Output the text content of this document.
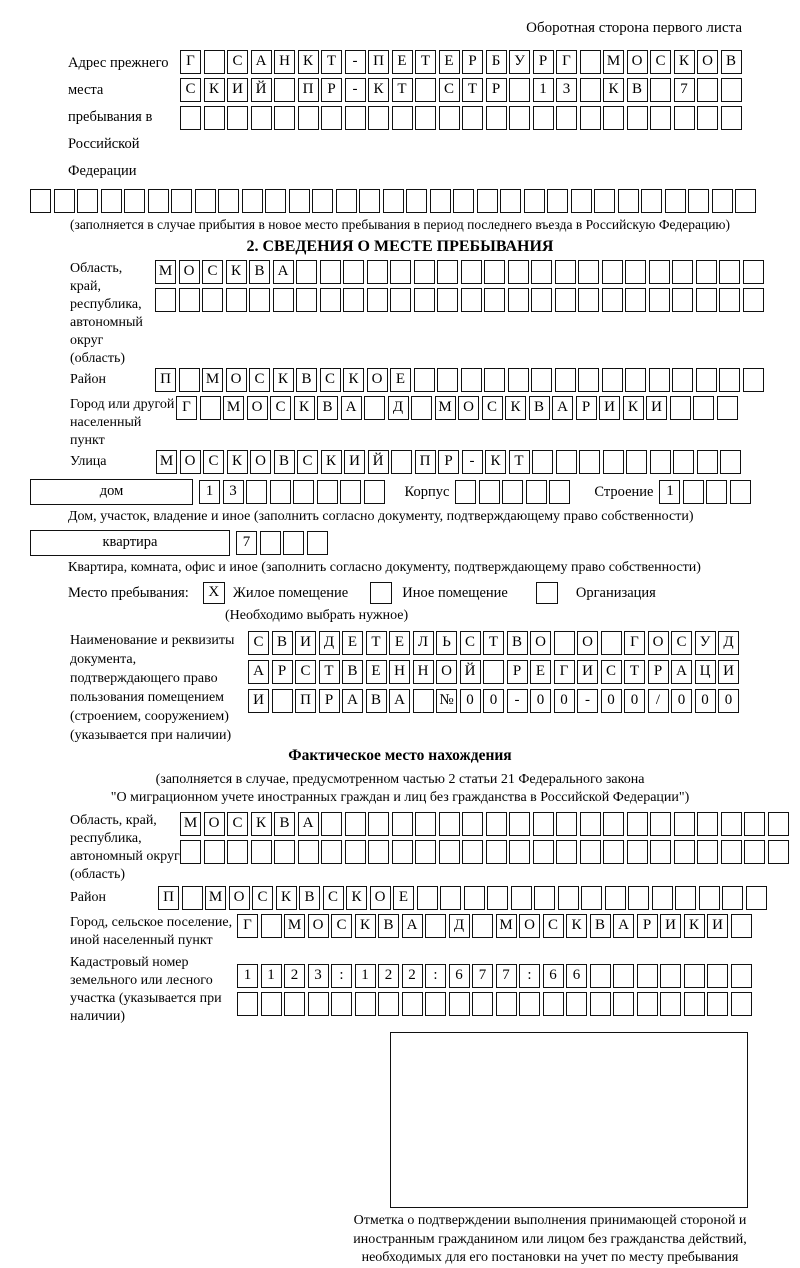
Оборотная сторона первого листа
Адрес прежнего места пребывания в Российской Федерации
Г	С А Н К Т	-	П Е Т Е Р	Б У Р Г	М О С К О В
С К И Й	П Р	-	К Т	С Т Р	1	3	К В	7
(заполняется в случае прибытия в новое место пребывания в период последнего въезда в Российскую Федерацию)
2. СВЕДЕНИЯ О МЕСТЕ ПРЕБЫВАНИЯ
Область, край, республика, автономный округ (область)
М О С К В А
Район	П	М О С К В С К О Е
Город или другой населенный пункт
Г	М О С К В А	Д	М О С К В А Р И К И
Улица	М О С К О В С К И Й	П Р	-	К Т
дом	1	3	Корпус	Строение 1
Дом, участок, владение и иное (заполнить согласно документу, подтверждающему право собственности)
квартира	7
Квартира, комната, офис и иное (заполнить согласно документу, подтверждающему право собственности)
Место пребывания:	X Жилое помещение	Иное помещение	Организация
(Необходимо выбрать нужное)
Наименование и реквизиты документа, подтверждающего право пользования помещением (строением, сооружением) (указывается при наличии)
С В И Д Е Т Е Л Ь С Т В О	О	Г О С У Д
А Р С Т В Е Н Н О Й	Р Е Г И С Т Р А Ц И
И	П Р А В А	№ 0	0	-	0	0	-	0	0	/	0	0	0
Фактическое место нахождения
(заполняется в случае, предусмотренном частью 2 статьи 21 Федерального закона
"О миграционном учете иностранных граждан и лиц без гражданства в Российской Федерации")
Область, край, республика, автономный округ (область)
М О С К В А
Район	П	М О С К В С К О Е
Город, сельское поселение, иной населенный пункт
Г	М О С К В А	Д	М О С К В А Р И К И
Кадастровый номер земельного или лесного участка (указывается при наличии)
1	1	2	3	:	1	2	2	:	6	7	7	:	6	6
Отметка о подтверждении выполнения принимающей стороной и иностранным гражданином или лицом без гражданства действий, необходимых для его постановки на учет по месту пребывания
